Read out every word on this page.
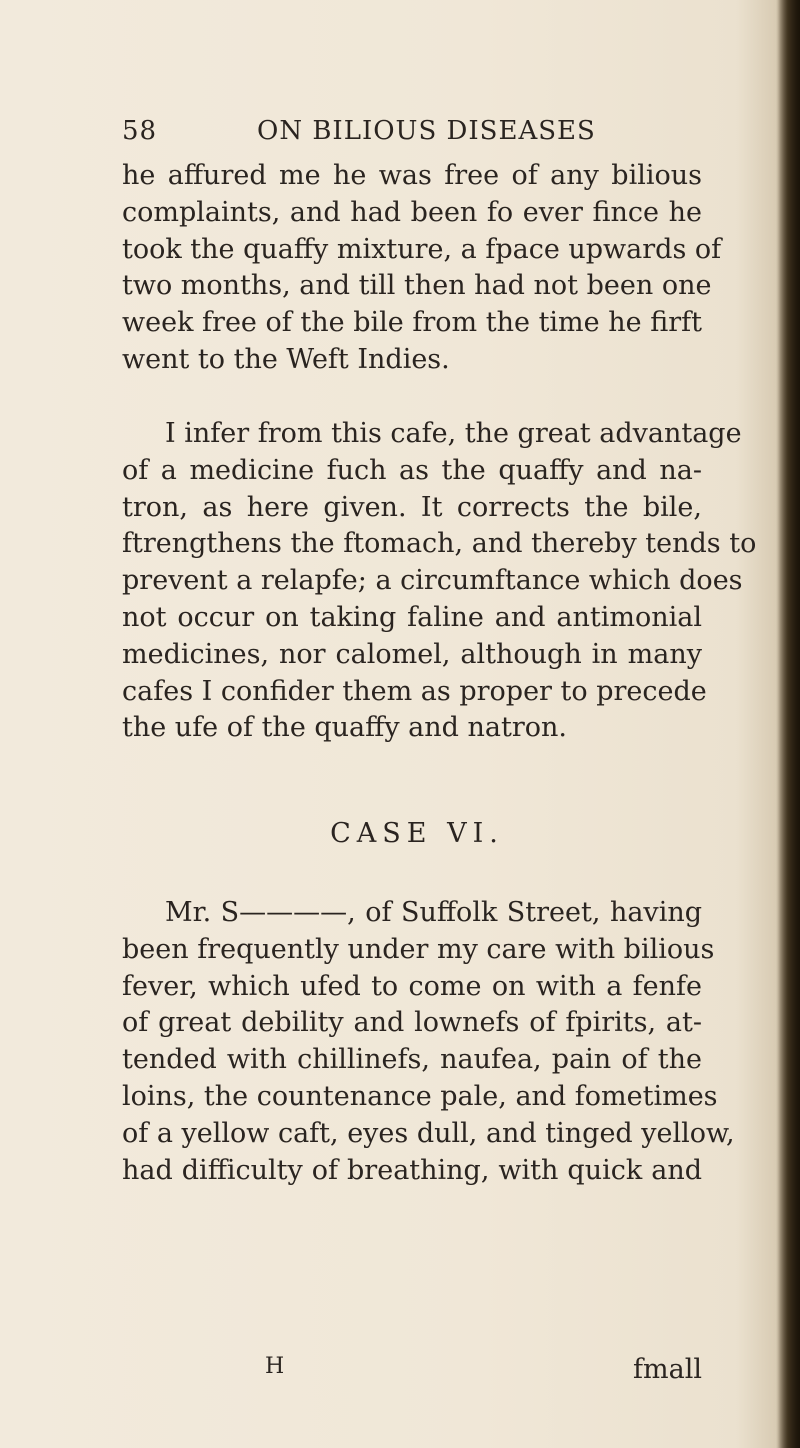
58	ON BILIOUS DISEASES
he affured me he was free of any bilious
complaints, and had been fo ever fince he
took the quaffy mixture, a fpace upwards of
two months, and till then had not been one
week free of the bile from the time he firft
went to the Weft Indies.
I infer from this cafe, the great advantage
of a medicine fuch as the quaffy and na-
tron, as here given. It corrects the bile,
ftrengthens the ftomach, and thereby tends to
prevent a relapfe; a circumftance which does
not occur on taking faline and antimonial
medicines, nor calomel, although in many
cafes I confider them as proper to precede
the ufe of the quaffy and natron.
CASE VI.
Mr. S————, of Suffolk Street, having
been frequently under my care with bilious
fever, which ufed to come on with a fenfe
of great debility and lownefs of fpirits, at-
tended with chillinefs, naufea, pain of the
loins, the countenance pale, and fometimes
of a yellow caft, eyes dull, and tinged yellow,
had difficulty of breathing, with quick and
H	fmall
